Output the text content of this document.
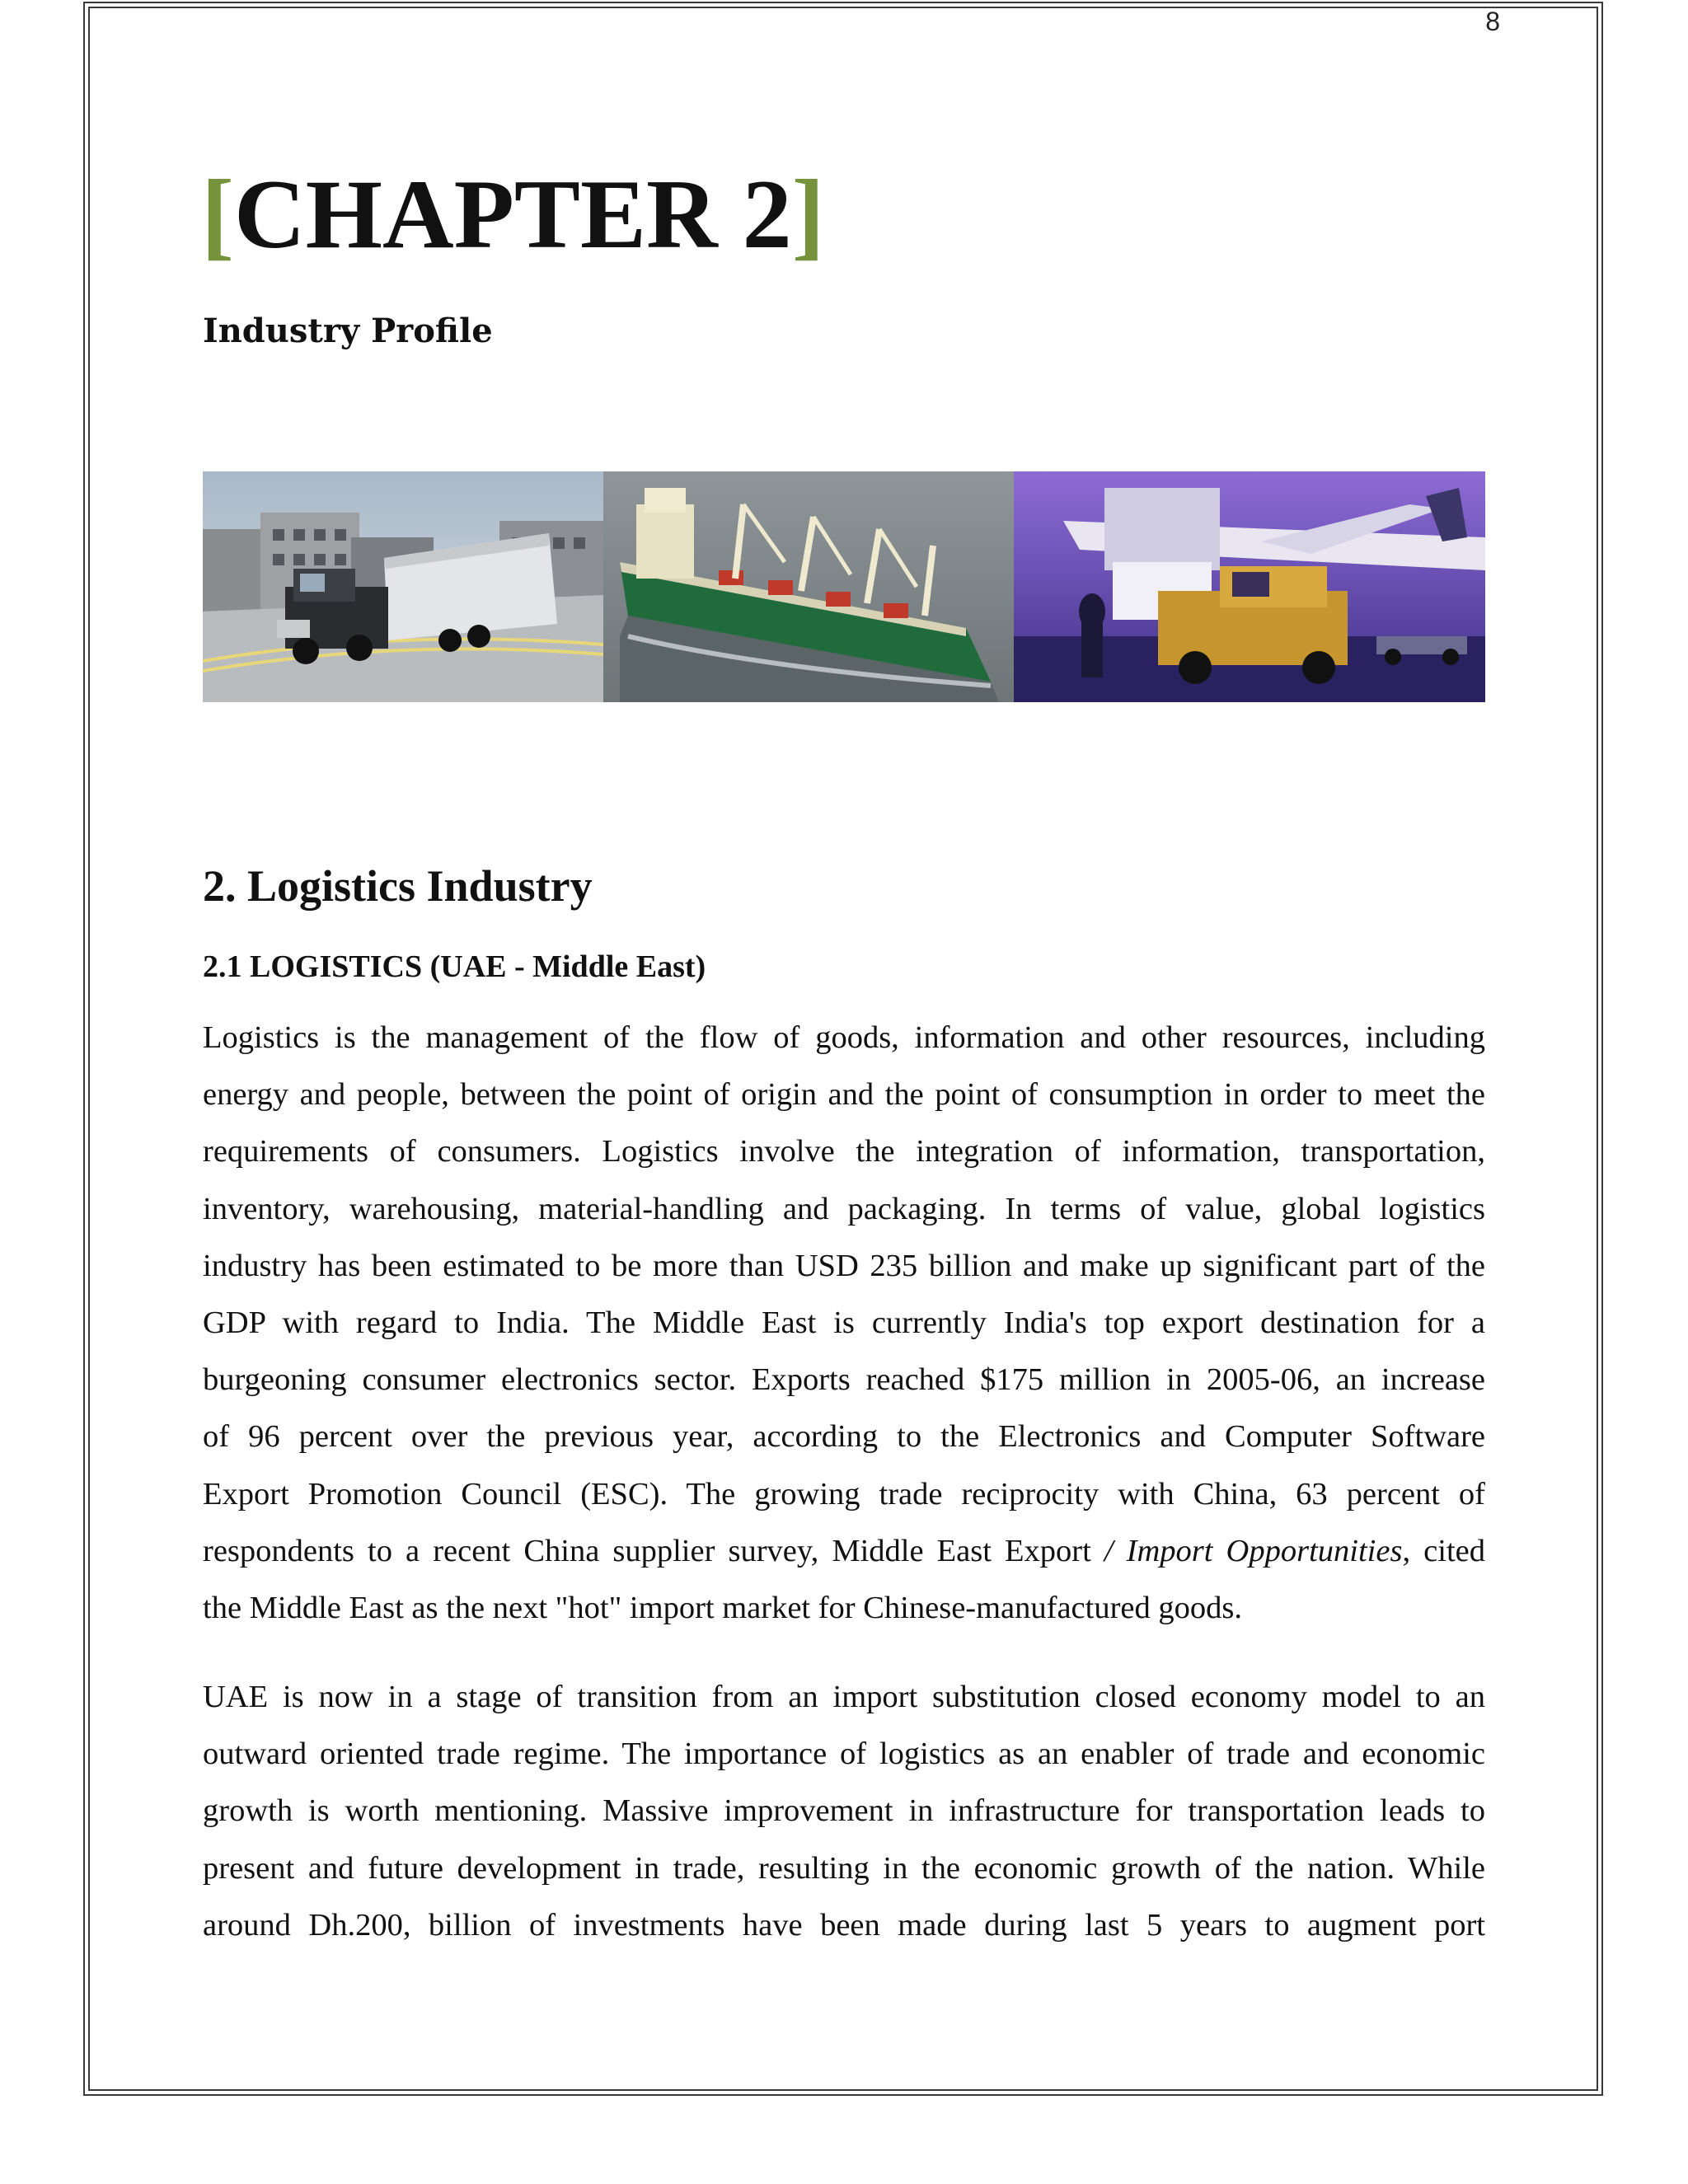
8
[CHAPTER 2]
Industry Profile
2. Logistics Industry
2.1 LOGISTICS (UAE - Middle East)

Logistics is the management of the flow of goods, information and other resources, including
energy and people, between the point of origin and the point of consumption in order to meet the
requirements of consumers. Logistics involve the integration of information, transportation,
inventory, warehousing, material-handling and packaging. In terms of value, global logistics
industry has been estimated to be more than USD 235 billion and make up significant part of the
GDP with regard to India. The Middle East is currently India's top export destination for a
burgeoning consumer electronics sector. Exports reached $175 million in 2005-06, an increase
of 96 percent over the previous year, according to the Electronics and Computer Software
Export Promotion Council (ESC). The growing trade reciprocity with China, 63 percent of
respondents to a recent China supplier survey, Middle East Export / Import Opportunities, cited
the Middle East as the next "hot" import market for Chinese-manufactured goods.

UAE is now in a stage of transition from an import substitution closed economy model to an
outward oriented trade regime. The importance of logistics as an enabler of trade and economic
growth is worth mentioning. Massive improvement in infrastructure for transportation leads to
present and future development in trade, resulting in the economic growth of the nation. While
around Dh.200, billion of investments have been made during last 5 years to augment port
